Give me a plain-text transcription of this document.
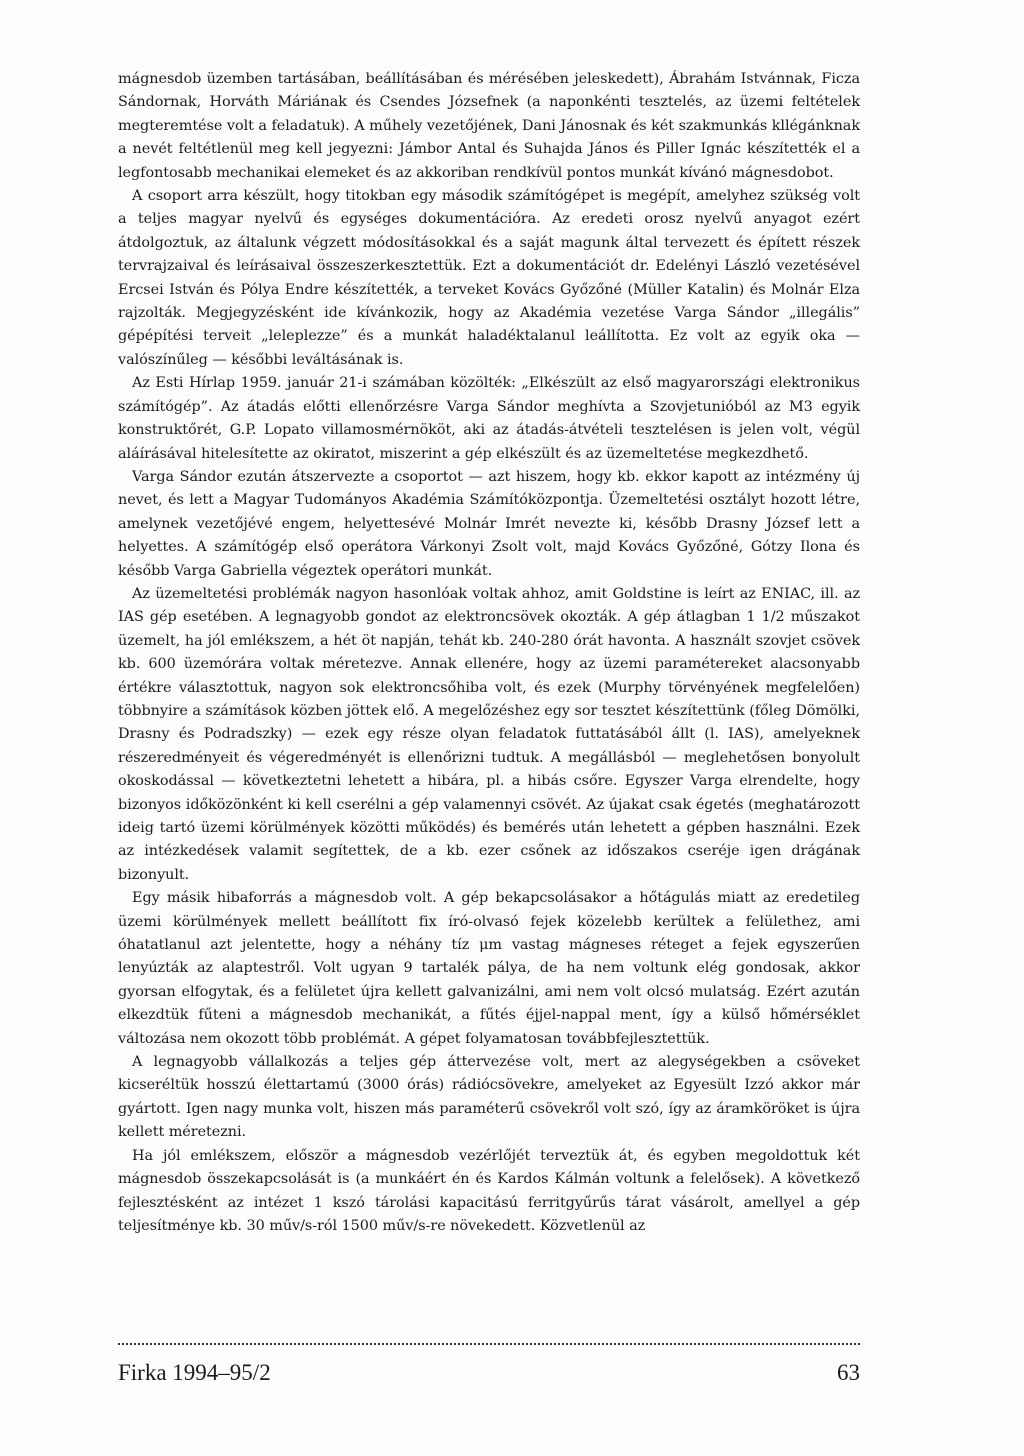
mágnesdob üzemben tartásában, beállításában és mérésében jeleskedett), Ábrahám Istvánnak, Ficza Sándornak, Horváth Máriának és Csendes Józsefnek (a naponkénti tesztelés, az üzemi feltételek megteremtése volt a feladatuk). A műhely vezetőjének, Dani Jánosnak és két szakmunkás kllégánknak a nevét feltétlenül meg kell jegyezni: Jámbor Antal és Suhajda János és Piller Ignác készítették el a legfontosabb mechanikai elemeket és az akkoriban rendkívül pontos munkát kívánó mágnesdobot.

A csoport arra készült, hogy titokban egy második számítógépet is megépít, amelyhez szükség volt a teljes magyar nyelvű és egységes dokumentációra. Az eredeti orosz nyelvű anyagot ezért átdolgoztuk, az általunk végzett módosításokkal és a saját magunk által tervezett és épített részek tervrajzaival és leírásaival összeszerkesztettük. Ezt a dokumentációt dr. Edelényi László vezetésével Ercsei István és Pólya Endre készítették, a terveket Kovács Győzőné (Müller Katalin) és Molnár Elza rajzolták. Megjegyzésként ide kívánkozik, hogy az Akadémia vezetése Varga Sándor „illegális” gépépítési terveit „leleplezze” és a munkát haladéktalanul leállította. Ez volt az egyik oka — valószínűleg — későbbi leváltásának is.

Az Esti Hírlap 1959. január 21-i számában közölték: „Elkészült az első magyarországi elektronikus számítógép”. Az átadás előtti ellenőrzésre Varga Sándor meghívta a Szovjetunióból az M3 egyik konstruktőrét, G.P. Lopato villamosmérnököt, aki az átadás-átvételi tesztelésen is jelen volt, végül aláírásával hitelesítette az okiratot, miszerint a gép elkészült és az üzemeltetése megkezdhető.

Varga Sándor ezután átszervezte a csoportot — azt hiszem, hogy kb. ekkor kapott az intézmény új nevet, és lett a Magyar Tudományos Akadémia Számítóközpontja. Üzemeltetési osztályt hozott létre, amelynek vezetőjévé engem, helyettesévé Molnár Imrét nevezte ki, később Drasny József lett a helyettes. A számítógép első operátora Várkonyi Zsolt volt, majd Kovács Győzőné, Gótzy Ilona és később Varga Gabriella végeztek operátori munkát.

Az üzemeltetési problémák nagyon hasonlóak voltak ahhoz, amit Goldstine is leírt az ENIAC, ill. az IAS gép esetében. A legnagyobb gondot az elektroncsövek okozták. A gép átlagban 1 1/2 műszakot üzemelt, ha jól emlékszem, a hét öt napján, tehát kb. 240-280 órát havonta. A használt szovjet csövek kb. 600 üzemórára voltak méretezve. Annak ellenére, hogy az üzemi paramétereket alacsonyabb értékre választottuk, nagyon sok elektroncsőhiba volt, és ezek (Murphy törvényének megfelelően) többnyire a számítások közben jöttek elő. A megelőzéshez egy sor tesztet készítettünk (főleg Dömölki, Drasny és Podradszky) — ezek egy része olyan feladatok futtatásából állt (l. IAS), amelyeknek részeredményeit és végeredményét is ellenőrizni tudtuk. A megállásból — meglehetősen bonyolult okoskodással — következtetni lehetett a hibára, pl. a hibás csőre. Egyszer Varga elrendelte, hogy bizonyos időközönként ki kell cserélni a gép valamennyi csövét. Az újakat csak égetés (meghatározott ideig tartó üzemi körülmények közötti működés) és bemérés után lehetett a gépben használni. Ezek az intézkedések valamit segítettek, de a kb. ezer csőnek az időszakos cseréje igen drágának bizonyult.

Egy másik hibaforrás a mágnesdob volt. A gép bekapcsolásakor a hőtágulás miatt az eredetileg üzemi körülmények mellett beállított fix író-olvasó fejek közelebb kerültek a felülethez, ami óhatatlanul azt jelentette, hogy a néhány tíz μm vastag mágneses réteget a fejek egyszerűen lenyúzták az alaptestről. Volt ugyan 9 tartalék pálya, de ha nem voltunk elég gondosak, akkor gyorsan elfogytak, és a felületet újra kellett galvanizálni, ami nem volt olcsó mulatság. Ezért azután elkezdtük fűteni a mágnesdob mechanikát, a fűtés éjjel-nappal ment, így a külső hőmérséklet változása nem okozott több problémát. A gépet folyamatosan továbbfejlesztettük.

A legnagyobb vállalkozás a teljes gép áttervezése volt, mert az alegységekben a csöveket kicseréltük hosszú élettartamú (3000 órás) rádiócsövekre, amelyeket az Egyesült Izzó akkor már gyártott. Igen nagy munka volt, hiszen más paraméterű csövekről volt szó, így az áramköröket is újra kellett méretezni.

Ha jól emlékszem, először a mágnesdob vezérlőjét terveztük át, és egyben megoldottuk két mágnesdob összekapcsolását is (a munkáért én és Kardos Kálmán voltunk a felelősek). A következő fejlesztésként az intézet 1 kszó tárolási kapacitású ferritgyűrűs tárat vásárolt, amellyel a gép teljesítménye kb. 30 műv/s-ról 1500 műv/s-re növekedett. Közvetlenül az

Firka 1994–95/2	63
